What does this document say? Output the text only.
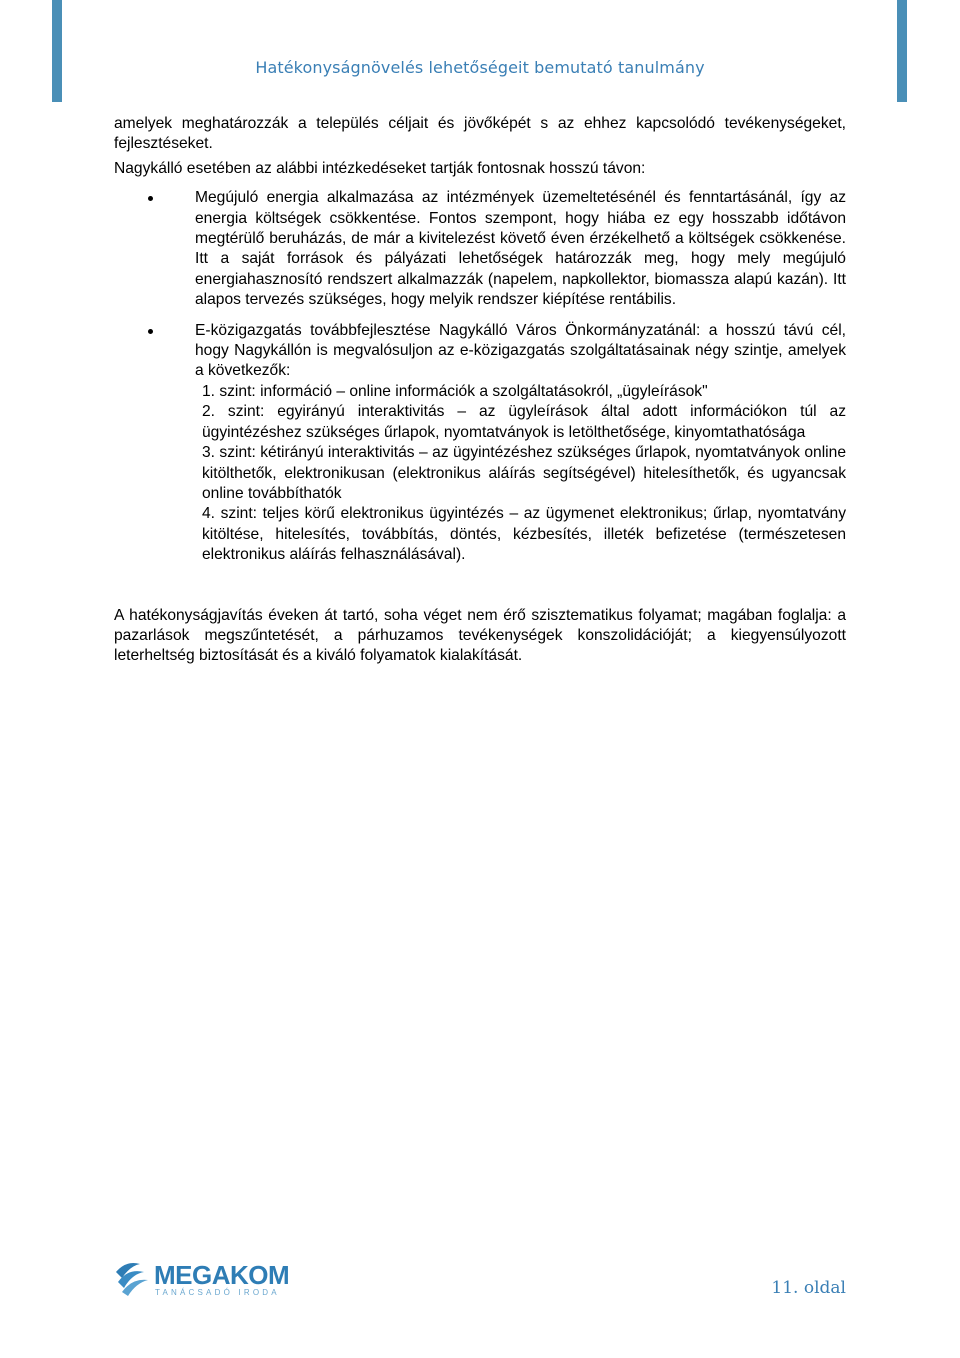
Hatékonyságnövelés lehetőségeit bemutató tanulmány

amelyek meghatározzák a település céljait és jövőképét s az ehhez kapcsolódó tevékenységeket, fejlesztéseket.

Nagykálló esetében az alábbi intézkedéseket tartják fontosnak hosszú távon:

Megújuló energia alkalmazása az intézmények üzemeltetésénél és fenntartásánál, így az energia költségek csökkentése. Fontos szempont, hogy hiába ez egy hosszabb időtávon megtérülő beruházás, de már a kivitelezést követő éven érzékelhető a költségek csökkenése. Itt a saját források és pályázati lehetőségek határozzák meg, hogy mely megújuló energiahasznosító rendszert alkalmazzák (napelem, napkollektor, biomassza alapú kazán). Itt alapos tervezés szükséges, hogy melyik rendszer kiépítése rentábilis.
E-közigazgatás továbbfejlesztése Nagykálló Város Önkormányzatánál: a hosszú távú cél, hogy Nagykállón is megvalósuljon az e-közigazgatás szolgáltatásainak négy szintje, amelyek a következők:
1. szint: információ – online információk a szolgáltatásokról, „ügyleírások"
2. szint: egyirányú interaktivitás – az ügyleírások által adott információkon túl az ügyintézéshez szükséges űrlapok, nyomtatványok is letölthetősége, kinyomtathatósága
3. szint: kétirányú interaktivitás – az ügyintézéshez szükséges űrlapok, nyomtatványok online kitölthetők, elektronikusan (elektronikus aláírás segítségével) hitelesíthetők, és ugyancsak online továbbíthatók
4. szint: teljes körű elektronikus ügyintézés – az ügymenet elektronikus; űrlap, nyomtatvány kitöltése, hitelesítés, továbbítás, döntés, kézbesítés, illeték befizetése (természetesen elektronikus aláírás felhasználásával).

A hatékonyságjavítás éveken át tartó, soha véget nem érő szisztematikus folyamat; magában foglalja: a pazarlások megszűntetését, a párhuzamos tevékenységek konszolidációját; a kiegyensúlyozott leterheltség biztosítását és a kiváló folyamatok kialakítását.

MEGAKOM
TANÁCSADÓ IRODA	11. oldal
